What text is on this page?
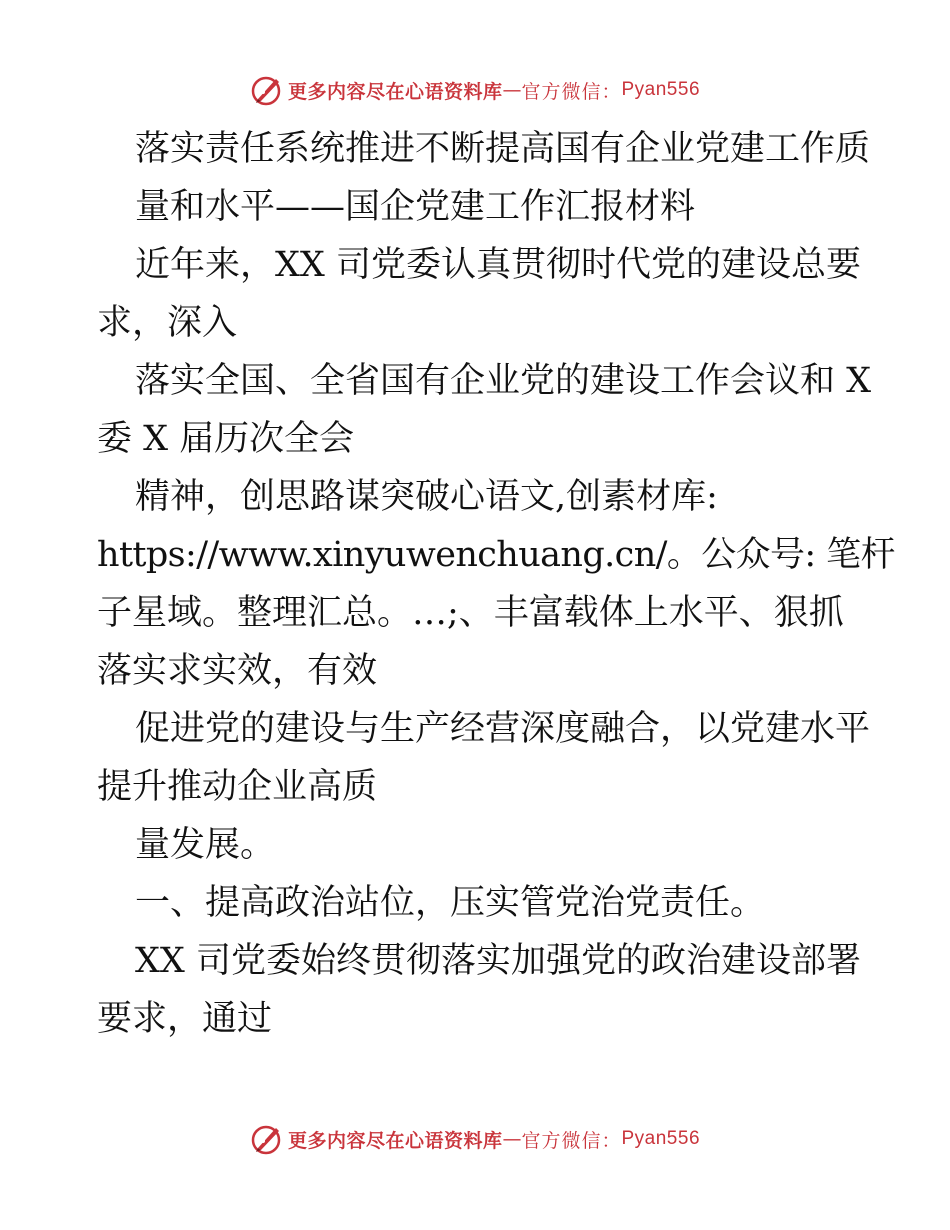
更多内容尽在心语资料库 — 官方微信： Pyan556
落实责任系统推进不断提高国有企业党建工作质
量和水平——国企党建工作汇报材料
近年来，XX 司党委认真贯彻时代党的建设总要
求，深入
落实全国、全省国有企业党的建设工作会议和 X
委 X 届历次全会
精神，创思路谋突破心语文,创素材库:
https://www.xinyuwenchuang.cn/。公众号: 笔杆
子星域。整理汇总。…;、丰富载体上水平、狠抓
落实求实效，有效
促进党的建设与生产经营深度融合，以党建水平
提升推动企业高质
量发展。
一、提高政治站位，压实管党治党责任。
XX 司党委始终贯彻落实加强党的政治建设部署
要求，通过
更多内容尽在心语资料库 — 官方微信： Pyan556
